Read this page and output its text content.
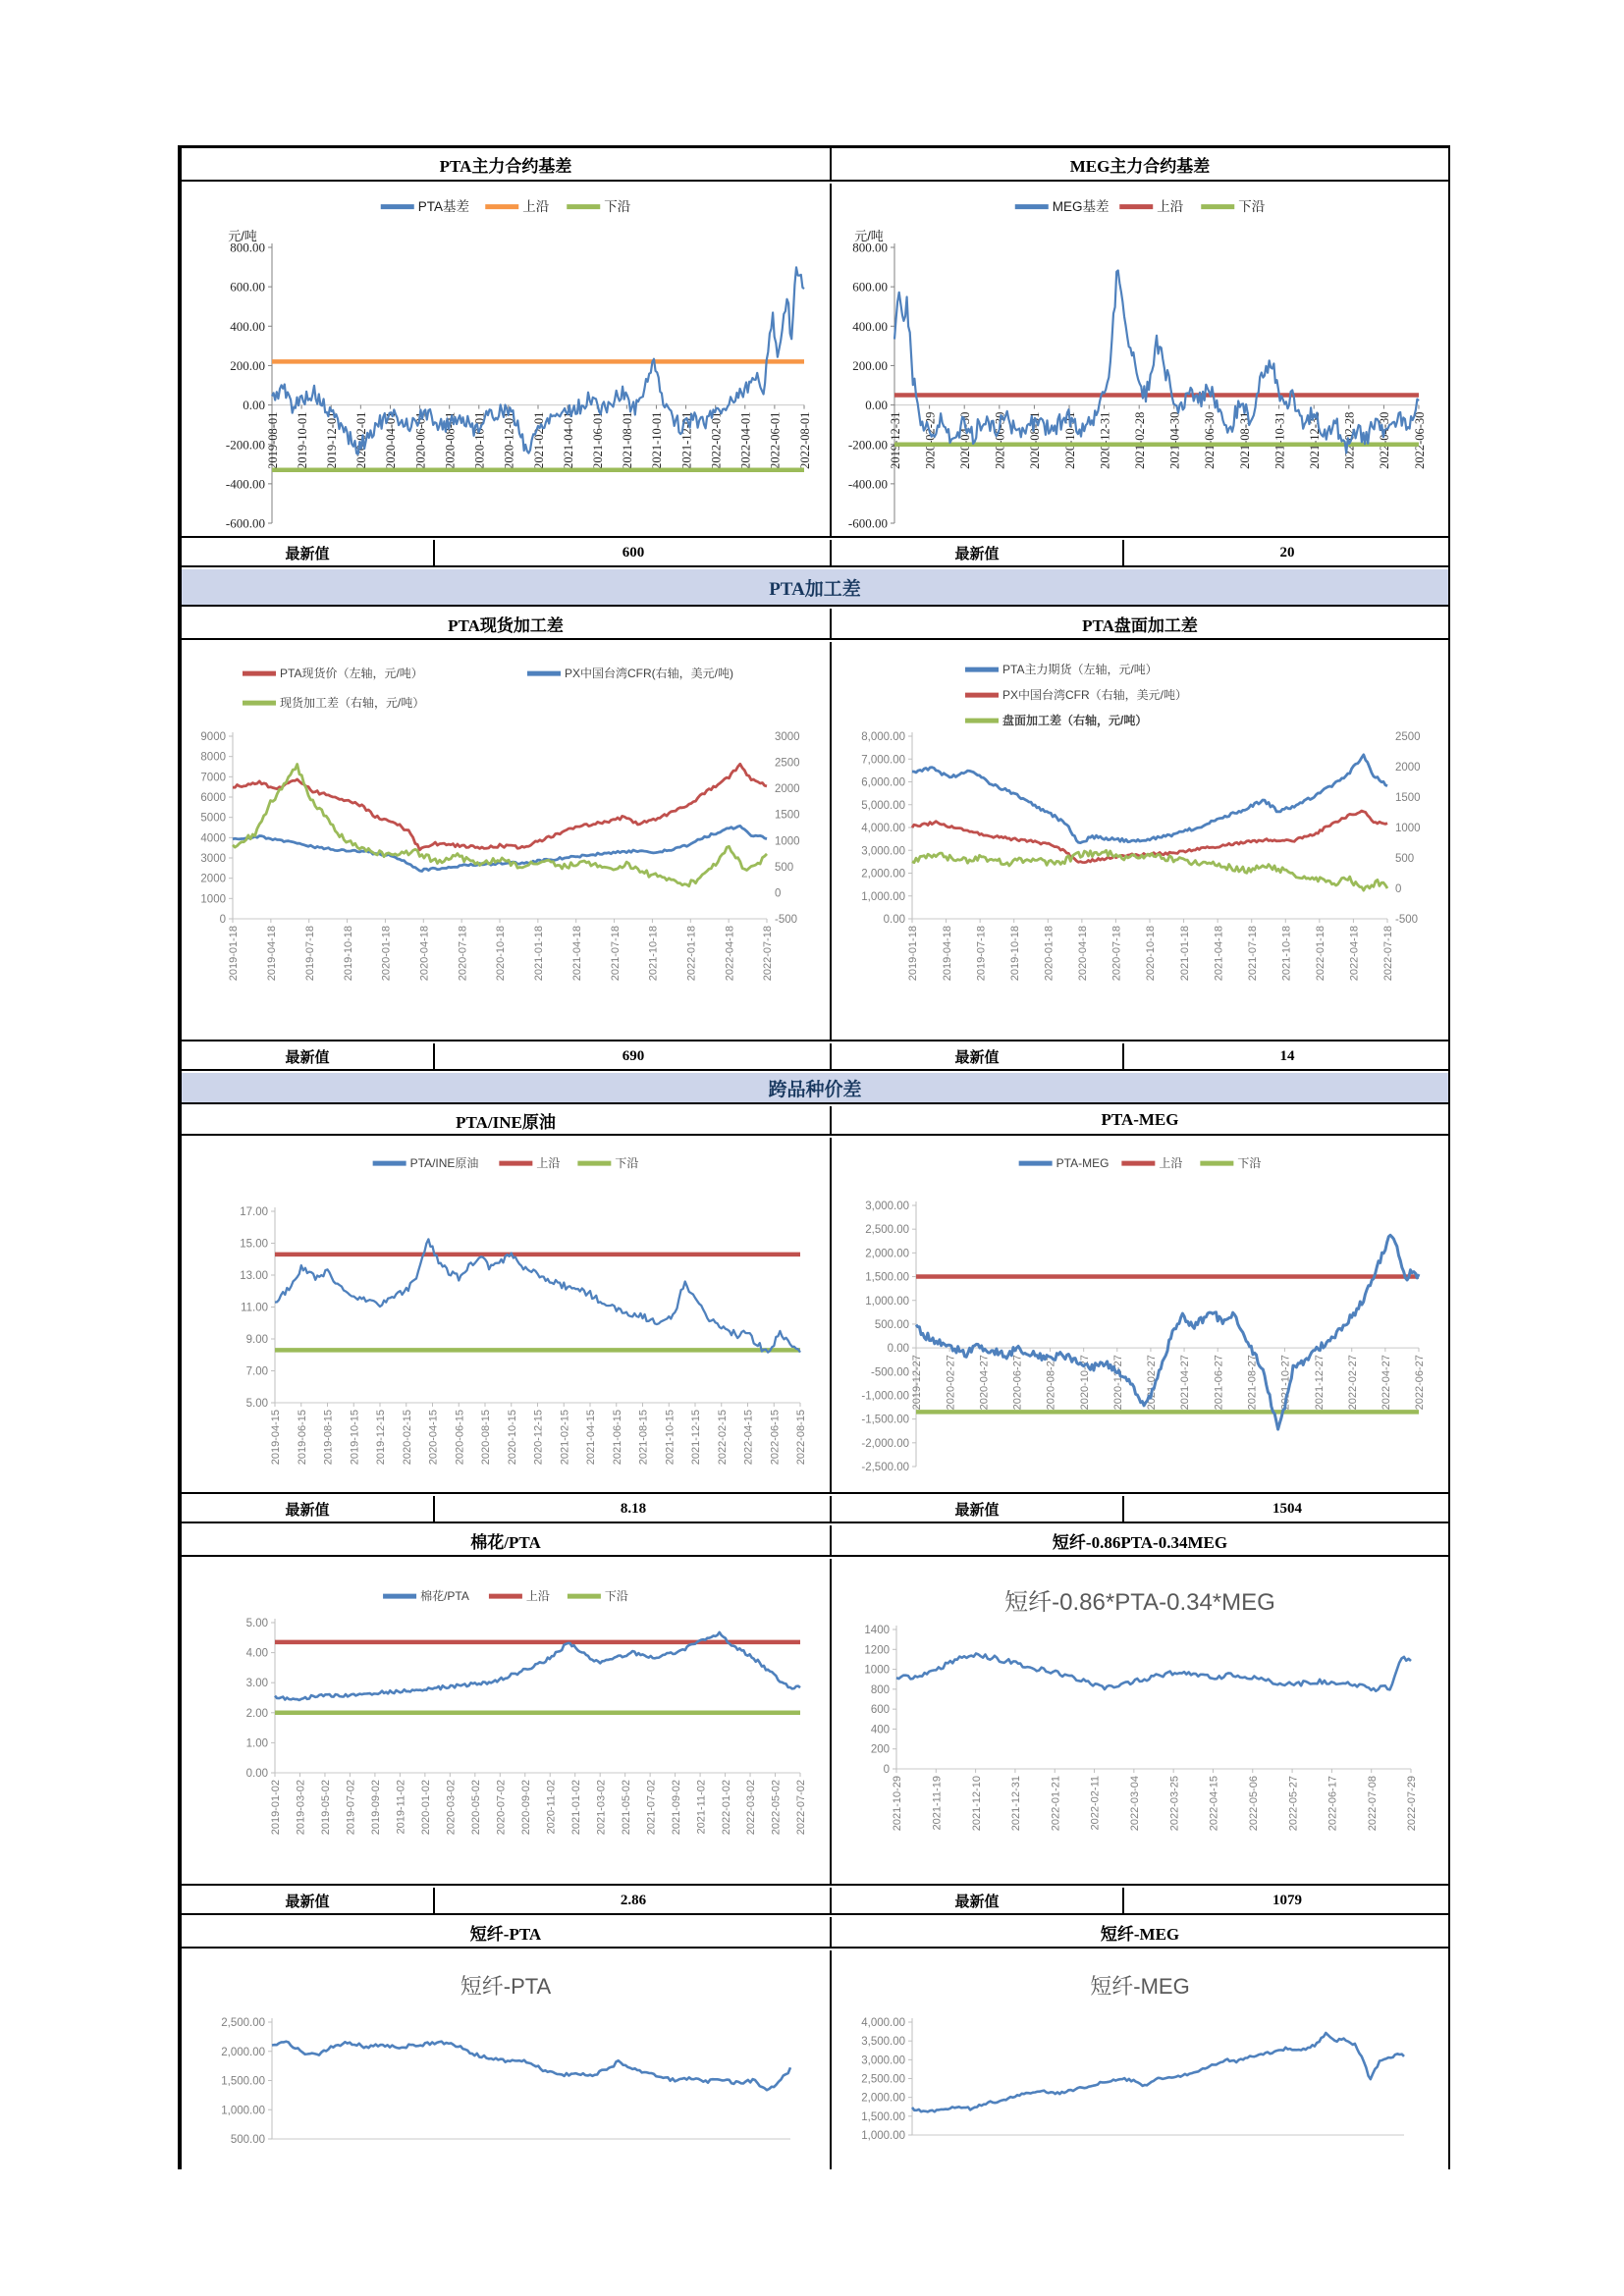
PTA主力合约基差	MEG主力合约基差
800.00
600.00
400.00
200.00
0.00
-200.00
-400.00
-600.00
2019-08-01 2019-10-01 2019-12-01 2020-02-01 2020-04-01 2020-06-01 2020-08-01 2020-10-01 2020-12-01 2021-02-01 2021-04-01 2021-06-01 2021-08-01 2021-10-01 2021-12-01 2022-02-01 2022-04-01 2022-06-01 2022-08-01
PTA基差	上沿	下沿
元/吨
800.00
600.00
400.00
200.00
0.00
-200.00
-400.00
-600.00
2019-12-31 2020-02-29 2020-04-30 2020-06-30 2020-08-31 2020-10-31 2020-12-31 2021-02-28 2021-04-30 2021-06-30 2021-08-31 2021-10-31 2021-12-31 2022-02-28 2022-04-30 2022-06-30
MEG基差	上沿	下沿
元/吨
最新值	600	最新值	20
PTA加工差
PTA现货加工差	PTA盘面加工差
9000
8000
7000
6000
5000
4000
3000
2000
1000
0
3000
2500
2000
1500
1000
500
0
-500
2019-01-18 2019-04-18 2019-07-18 2019-10-18 2020-01-18 2020-04-18 2020-07-18 2020-10-18 2021-01-18 2021-04-18 2021-07-18 2021-10-18 2022-01-18 2022-04-18 2022-07-18
PTA现货价（左轴，元/吨）	PX中国台湾CFR(右轴，美元/吨)
现货加工差（右轴，元/吨）
8,000.00
7,000.00
6,000.00
5,000.00
4,000.00
3,000.00
2,000.00
1,000.00
0.00
2500
2000
1500
1000
500
0
-500
2019-01-18 2019-04-18 2019-07-18 2019-10-18 2020-01-18 2020-04-18 2020-07-18 2020-10-18 2021-01-18 2021-04-18 2021-07-18 2021-10-18 2022-01-18 2022-04-18 2022-07-18
PTA主力期货（左轴，元/吨）
PX中国台湾CFR（右轴，美元/吨）
盘面加工差（右轴，元/吨）
最新值	690	最新值	14
跨品种价差
PTA/INE原油	PTA-MEG
17.00
15.00
13.00
11.00
9.00
7.00
5.00
2019-04-15 2019-06-15 2019-08-15 2019-10-15 2019-12-15 2020-02-15 2020-04-15 2020-06-15 2020-08-15 2020-10-15 2020-12-15 2021-02-15 2021-04-15 2021-06-15 2021-08-15 2021-10-15 2021-12-15 2022-02-15 2022-04-15 2022-06-15 2022-08-15
PTA/INE原油	上沿	下沿
3,000.00
2,500.00
2,000.00
1,500.00
1,000.00
500.00
0.00
-500.00
-1,000.00
-1,500.00
-2,000.00
-2,500.00
2019-12-27 2020-02-27 2020-04-27 2020-06-27 2020-08-27 2020-10-27 2020-12-27 2021-02-27 2021-04-27 2021-06-27 2021-08-27 2021-10-27 2021-12-27 2022-02-27 2022-04-27 2022-06-27
PTA-MEG	上沿	下沿
最新值	8.18	最新值	1504
棉花/PTA	短纤-0.86PTA-0.34MEG
5.00
4.00
3.00
2.00
1.00
0.00
2019-01-02 2019-03-02 2019-05-02 2019-07-02 2019-09-02 2019-11-02 2020-01-02 2020-03-02 2020-05-02 2020-07-02 2020-09-02 2020-11-02 2021-01-02 2021-03-02 2021-05-02 2021-07-02 2021-09-02 2021-11-02 2022-01-02 2022-03-02 2022-05-02 2022-07-02
棉花/PTA	上沿	下沿
1400
1200
1000
800
600
400
200
0
2021-10-29	2021-11-19	2021-12-10	2021-12-31	2022-01-21	2022-02-11	2022-03-04	2022-03-25	2022-04-15	2022-05-06	2022-05-27	2022-06-17	2022-07-08	2022-07-29
短纤-0.86*PTA-0.34*MEG
最新值	2.86	最新值	1079
短纤-PTA	短纤-MEG
2,500.00
2,000.00
1,500.00
1,000.00
500.00
短纤-PTA
4,000.00
3,500.00
3,000.00
2,500.00
2,000.00
1,500.00
1,000.00
短纤-MEG
